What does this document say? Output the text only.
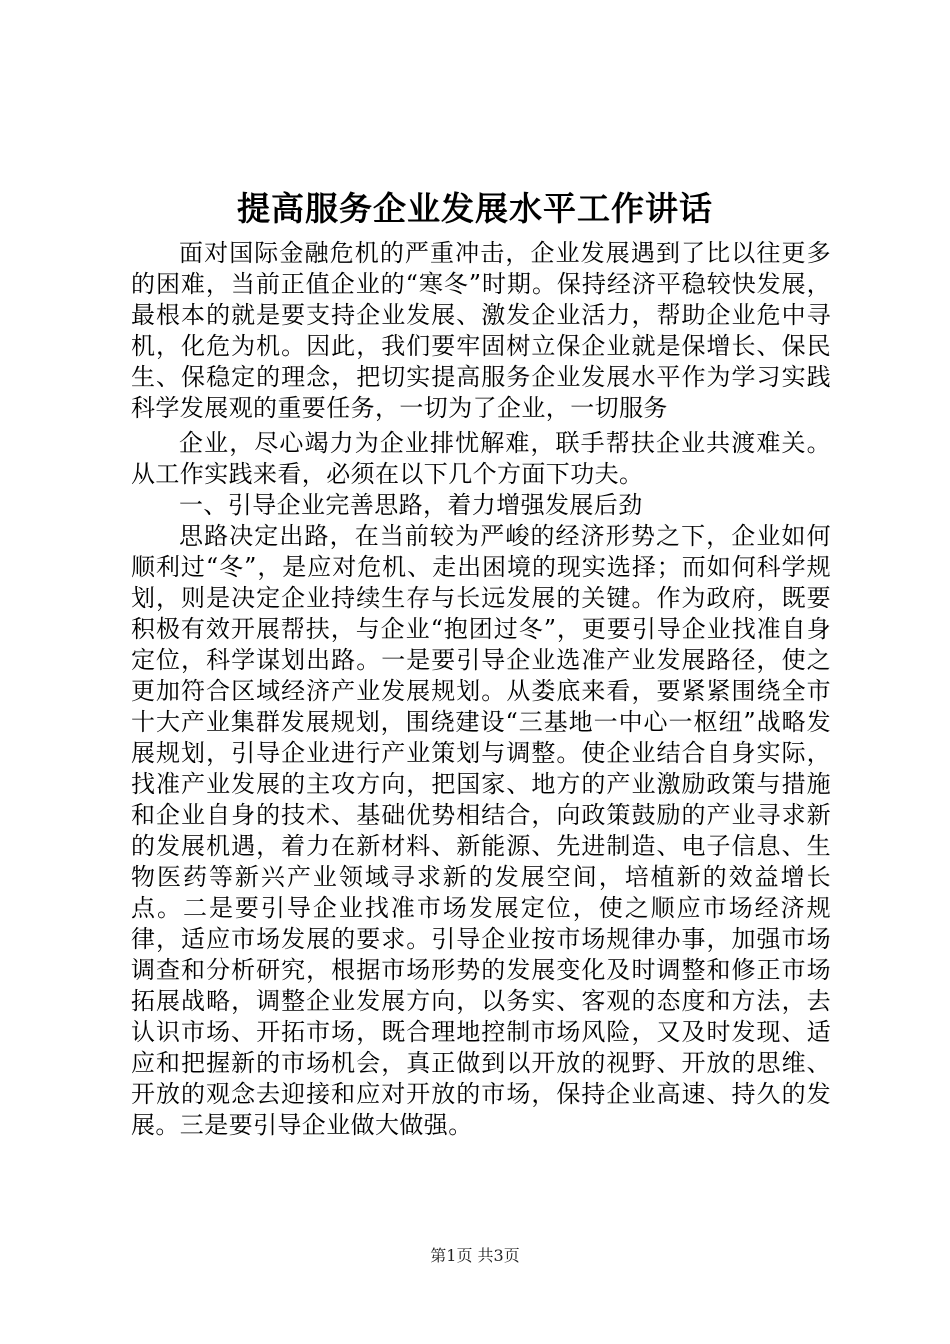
提高服务企业发展水平工作讲话

面对国际金融危机的严重冲击，企业发展遇到了比以往更多的困难，当前正值企业的“寒冬”时期。保持经济平稳较快发展，最根本的就是要支持企业发展、激发企业活力，帮助企业危中寻机，化危为机。因此，我们要牢固树立保企业就是保增长、保民生、保稳定的理念，把切实提高服务企业发展水平作为学习实践科学发展观的重要任务，一切为了企业，一切服务

企业，尽心竭力为企业排忧解难，联手帮扶企业共渡难关。从工作实践来看，必须在以下几个方面下功夫。

一、引导企业完善思路，着力增强发展后劲

思路决定出路，在当前较为严峻的经济形势之下，企业如何顺利过“冬”，是应对危机、走出困境的现实选择；而如何科学规划，则是决定企业持续生存与长远发展的关键。作为政府，既要积极有效开展帮扶，与企业“抱团过冬”，更要引导企业找准自身定位，科学谋划出路。一是要引导企业选准产业发展路径，使之更加符合区域经济产业发展规划。从娄底来看，要紧紧围绕全市十大产业集群发展规划，围绕建设“三基地一中心一枢纽”战略发展规划，引导企业进行产业策划与调整。使企业结合自身实际，找准产业发展的主攻方向，把国家、地方的产业激励政策与措施和企业自身的技术、基础优势相结合，向政策鼓励的产业寻求新的发展机遇，着力在新材料、新能源、先进制造、电子信息、生物医药等新兴产业领域寻求新的发展空间，培植新的效益增长点。二是要引导企业找准市场发展定位，使之顺应市场经济规律，适应市场发展的要求。引导企业按市场规律办事，加强市场调查和分析研究，根据市场形势的发展变化及时调整和修正市场拓展战略，调整企业发展方向，以务实、客观的态度和方法，去认识市场、开拓市场，既合理地控制市场风险，又及时发现、适应和把握新的市场机会，真正做到以开放的视野、开放的思维、开放的观念去迎接和应对开放的市场，保持企业高速、持久的发展。三是要引导企业做大做强。

第1页 共3页
